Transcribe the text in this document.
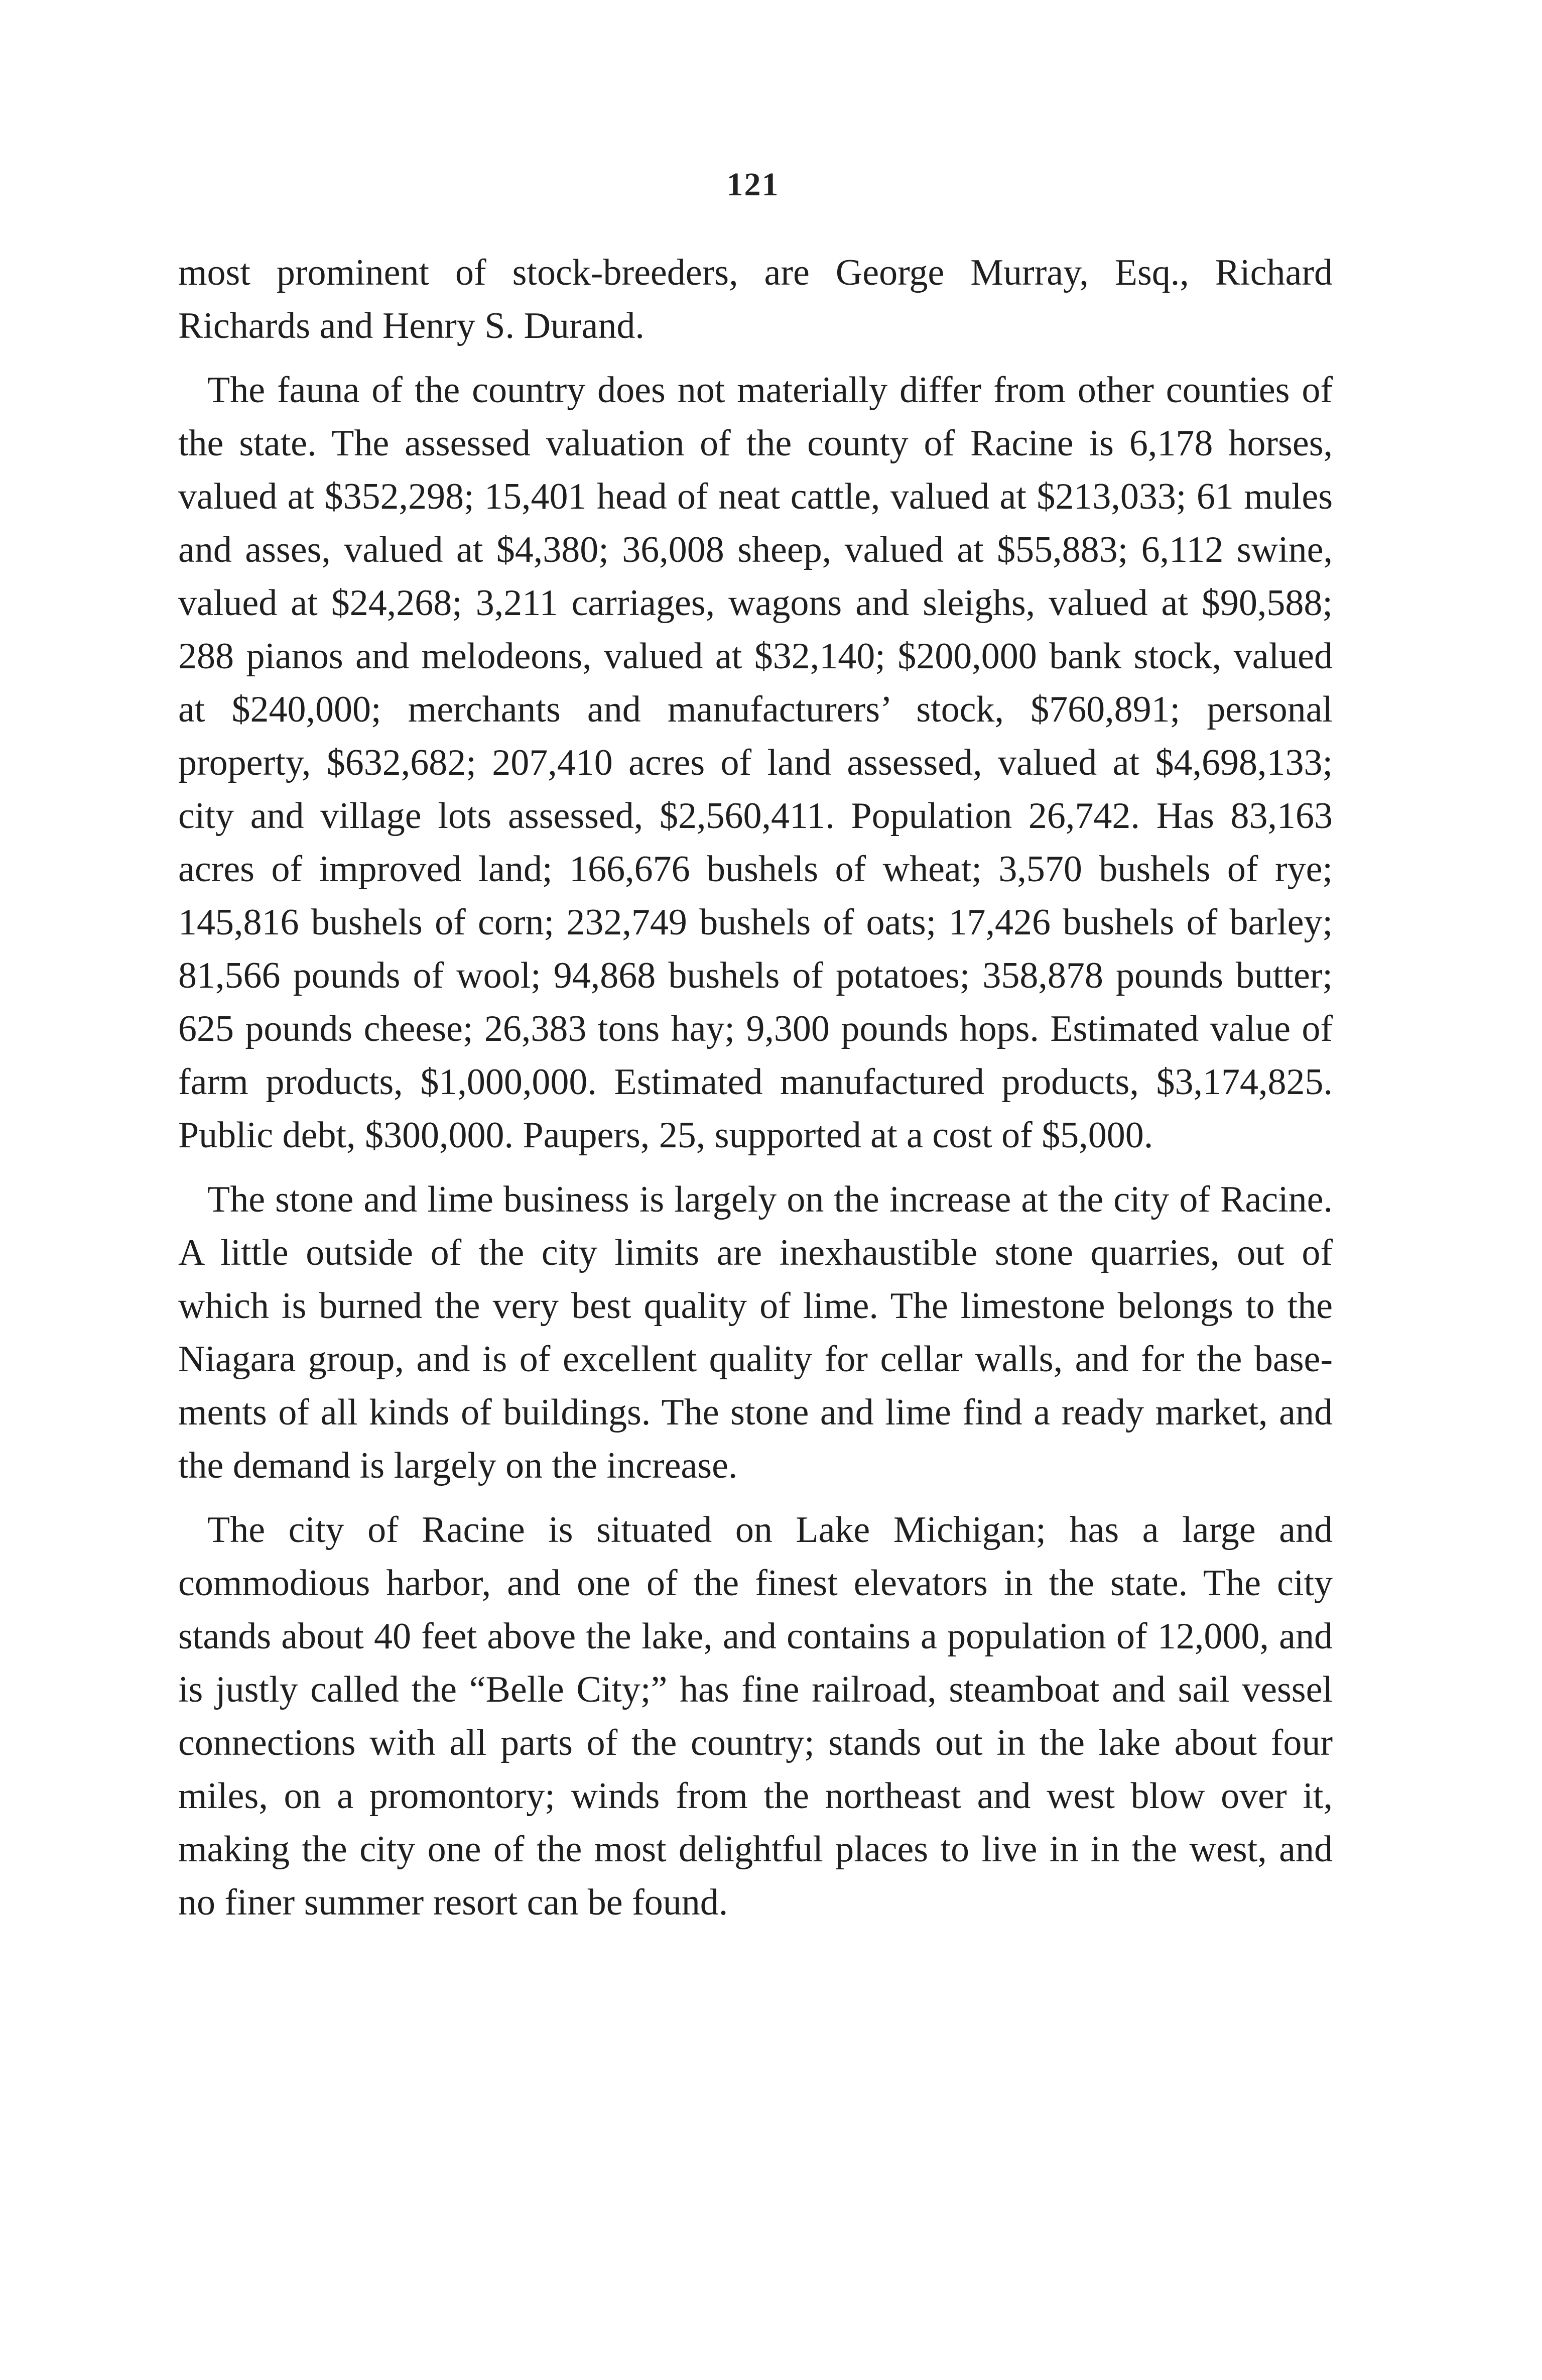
121

most prominent of stock-breeders, are George Murray, Esq., Richard Richards and Henry S. Durand.

The fauna of the country does not materially differ from other counties of the state. The assessed valuation of the county of Racine is 6,178 horses, valued at $352,298; 15,401 head of neat cattle, valued at $213,033; 61 mules and asses, valued at $4,380; 36,008 sheep, valued at $55,883; 6,112 swine, valued at $24,268; 3,211 carriages, wagons and sleighs, valued at $90,588; 288 pianos and melodeons, valued at $32,140; $200,000 bank stock, valued at $240,000; merchants and manufacturers’ stock, $760,891; personal property, $632,682; 207,410 acres of land assessed, valued at $4,698,133; city and village lots assessed, $2,560,411. Population 26,742. Has 83,163 acres of improved land; 166,676 bushels of wheat; 3,570 bushels of rye; 145,816 bushels of corn; 232,749 bushels of oats; 17,426 bushels of barley; 81,566 pounds of wool; 94,868 bushels of potatoes; 358,878 pounds butter; 625 pounds cheese; 26,383 tons hay; 9,300 pounds hops. Estimated value of farm products, $1,000,000. Estimated manufactured products, $3,174,825. Public debt, $300,000. Paupers, 25, supported at a cost of $5,000.

The stone and lime business is largely on the increase at the city of Racine. A little outside of the city limits are inexhaustible stone quarries, out of which is burned the very best quality of lime. The limestone belongs to the Niagara group, and is of excellent quality for cellar walls, and for the basements of all kinds of buildings. The stone and lime find a ready market, and the demand is largely on the increase.

The city of Racine is situated on Lake Michigan; has a large and commodious harbor, and one of the finest elevators in the state. The city stands about 40 feet above the lake, and contains a population of 12,000, and is justly called the “Belle City;” has fine railroad, steamboat and sail vessel connections with all parts of the country; stands out in the lake about four miles, on a promontory; winds from the northeast and west blow over it, making the city one of the most delightful places to live in in the west, and no finer summer resort can be found.
